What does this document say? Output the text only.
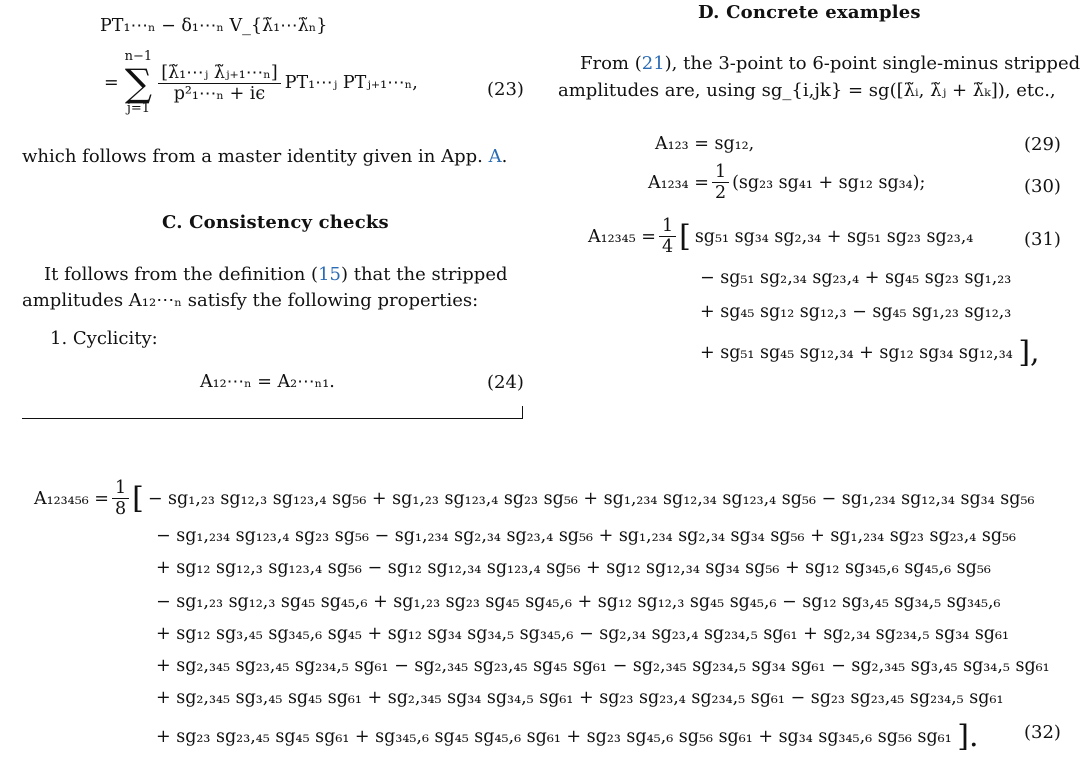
PT₁⋯ₙ − δ₁⋯ₙ V_{λ̃₁⋯λ̃ₙ}
=
n−1
∑
j=1
$\frac{\text{[λ̃₁⋯ⱼ λ̃ⱼ₊₁⋯ₙ]}}{\text{p²₁⋯ₙ + iϵ}}$ PT₁⋯ⱼ PTⱼ₊₁⋯ₙ,	(23)
which follows from a master identity given in App. A.
C. Consistency checks
It follows from the definition (15) that the stripped
amplitudes A₁₂⋯ₙ satisfy the following properties:
1. Cyclicity:
A₁₂⋯ₙ = A₂⋯ₙ₁.	(24)
D. Concrete examples
From (21), the 3-point to 6-point single-minus stripped
amplitudes are, using sg_{i,jk} = sg([λ̃ᵢ, λ̃ⱼ + λ̃ₖ]), etc.,
A₁₂₃ = sg₁₂,	(29)
$A_{1234} = \frac{1}{2} (sg_{23}$ sg₄₁ + sg₁₂ sg₃₄);	(30)
$A_{12345} = \frac{1}{4}$ [ sg₅₁ sg₃₄ sg₂,₃₄ + sg₅₁ sg₂₃ sg₂₃,₄	(31)
− sg₅₁ sg₂,₃₄ sg₂₃,₄ + sg₄₅ sg₂₃ sg₁,₂₃
+ sg₄₅ sg₁₂ sg₁₂,₃ − sg₄₅ sg₁,₂₃ sg₁₂,₃
+ sg₅₁ sg₄₅ sg₁₂,₃₄ + sg₁₂ sg₃₄ sg₁₂,₃₄ ],
$A_{123456} = \frac{1}{8}$ [ − sg₁,₂₃ sg₁₂,₃ sg₁₂₃,₄ sg₅₆ + sg₁,₂₃ sg₁₂₃,₄ sg₂₃ sg₅₆ + sg₁,₂₃₄ sg₁₂,₃₄ sg₁₂₃,₄ sg₅₆ − sg₁,₂₃₄ sg₁₂,₃₄ sg₃₄ sg₅₆
− sg₁,₂₃₄ sg₁₂₃,₄ sg₂₃ sg₅₆ − sg₁,₂₃₄ sg₂,₃₄ sg₂₃,₄ sg₅₆ + sg₁,₂₃₄ sg₂,₃₄ sg₃₄ sg₅₆ + sg₁,₂₃₄ sg₂₃ sg₂₃,₄ sg₅₆
+ sg₁₂ sg₁₂,₃ sg₁₂₃,₄ sg₅₆ − sg₁₂ sg₁₂,₃₄ sg₁₂₃,₄ sg₅₆ + sg₁₂ sg₁₂,₃₄ sg₃₄ sg₅₆ + sg₁₂ sg₃₄₅,₆ sg₄₅,₆ sg₅₆
− sg₁,₂₃ sg₁₂,₃ sg₄₅ sg₄₅,₆ + sg₁,₂₃ sg₂₃ sg₄₅ sg₄₅,₆ + sg₁₂ sg₁₂,₃ sg₄₅ sg₄₅,₆ − sg₁₂ sg₃,₄₅ sg₃₄,₅ sg₃₄₅,₆
+ sg₁₂ sg₃,₄₅ sg₃₄₅,₆ sg₄₅ + sg₁₂ sg₃₄ sg₃₄,₅ sg₃₄₅,₆ − sg₂,₃₄ sg₂₃,₄ sg₂₃₄,₅ sg₆₁ + sg₂,₃₄ sg₂₃₄,₅ sg₃₄ sg₆₁
+ sg₂,₃₄₅ sg₂₃,₄₅ sg₂₃₄,₅ sg₆₁ − sg₂,₃₄₅ sg₂₃,₄₅ sg₄₅ sg₆₁ − sg₂,₃₄₅ sg₂₃₄,₅ sg₃₄ sg₆₁ − sg₂,₃₄₅ sg₃,₄₅ sg₃₄,₅ sg₆₁
+ sg₂,₃₄₅ sg₃,₄₅ sg₄₅ sg₆₁ + sg₂,₃₄₅ sg₃₄ sg₃₄,₅ sg₆₁ + sg₂₃ sg₂₃,₄ sg₂₃₄,₅ sg₆₁ − sg₂₃ sg₂₃,₄₅ sg₂₃₄,₅ sg₆₁
+ sg₂₃ sg₂₃,₄₅ sg₄₅ sg₆₁ + sg₃₄₅,₆ sg₄₅ sg₄₅,₆ sg₆₁ + sg₂₃ sg₄₅,₆ sg₅₆ sg₆₁ + sg₃₄ sg₃₄₅,₆ sg₅₆ sg₆₁ ].	(32)
